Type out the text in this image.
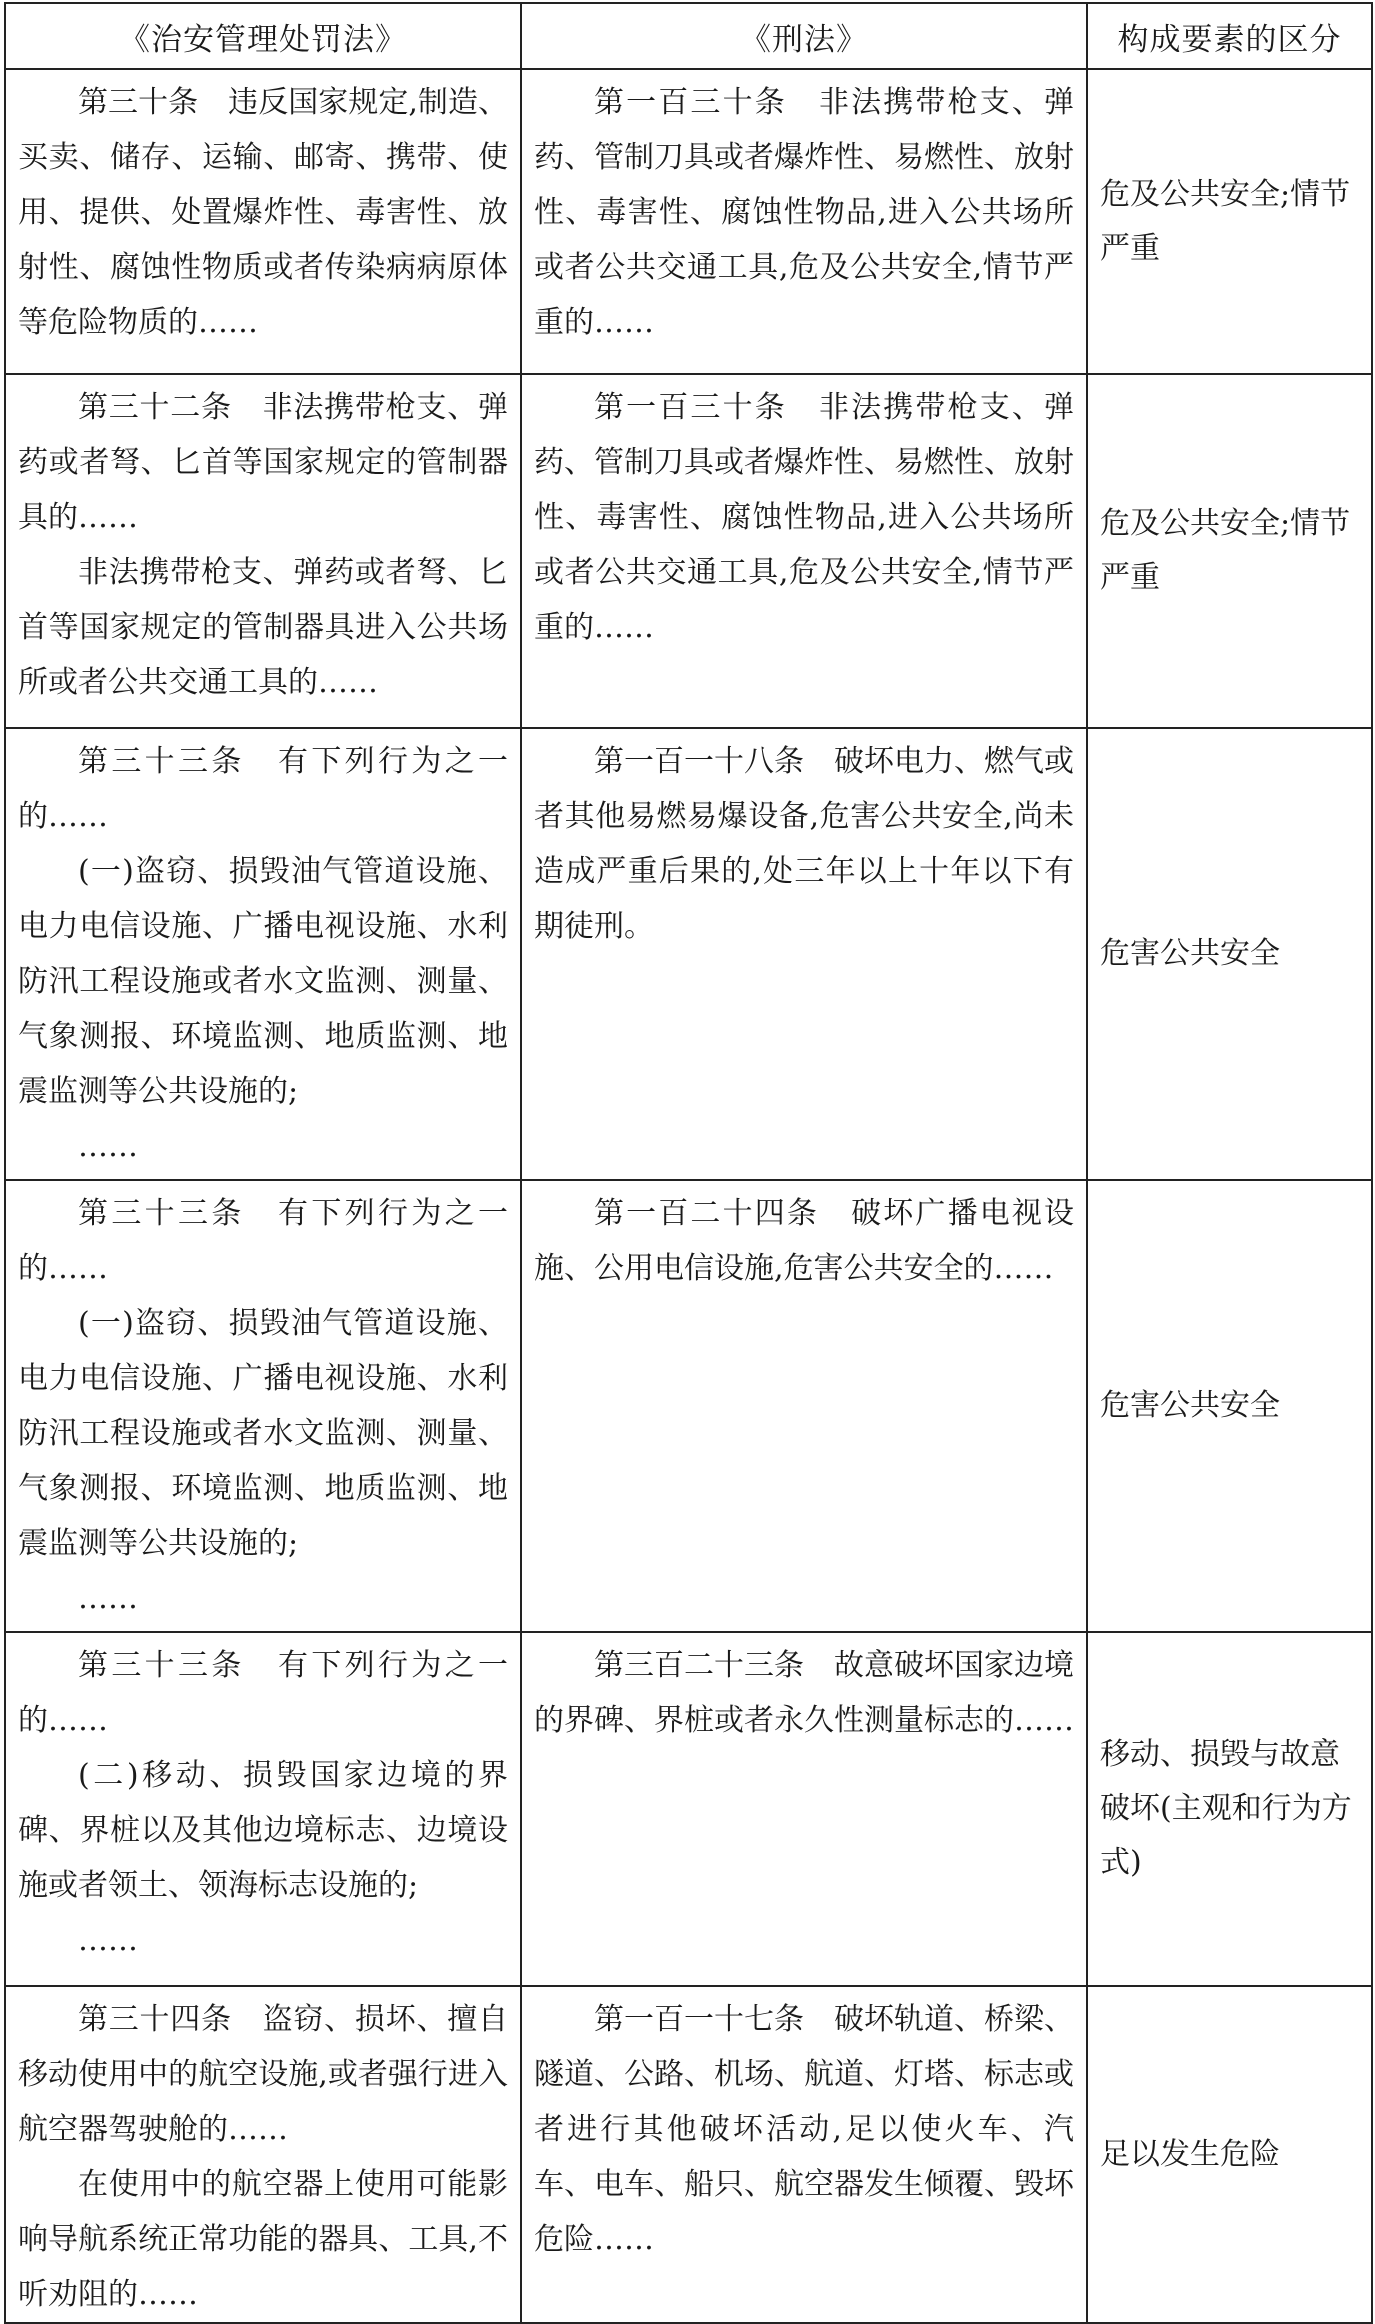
《治安管理处罚法》	《刑法》	构成要素的区分

第三十条　违反国家规定,制造、买卖、储存、运输、邮寄、携带、使用、提供、处置爆炸性、毒害性、放射性、腐蚀性物质或者传染病病原体等危险物质的……	第一百三十条　非法携带枪支、弹药、管制刀具或者爆炸性、易燃性、放射性、毒害性、腐蚀性物品,进入公共场所或者公共交通工具,危及公共安全,情节严重的……	危及公共安全;情节严重

第三十二条　非法携带枪支、弹药或者弩、匕首等国家规定的管制器具的……
非法携带枪支、弹药或者弩、匕首等国家规定的管制器具进入公共场所或者公共交通工具的……	第一百三十条　非法携带枪支、弹药、管制刀具或者爆炸性、易燃性、放射性、毒害性、腐蚀性物品,进入公共场所或者公共交通工具,危及公共安全,情节严重的……	危及公共安全;情节严重

第三十三条　有下列行为之一的……
(一)盗窃、损毁油气管道设施、电力电信设施、广播电视设施、水利防汛工程设施或者水文监测、测量、气象测报、环境监测、地质监测、地震监测等公共设施的;
……	第一百一十八条　破坏电力、燃气或者其他易燃易爆设备,危害公共安全,尚未造成严重后果的,处三年以上十年以下有期徒刑。	危害公共安全

第三十三条　有下列行为之一的……
(一)盗窃、损毁油气管道设施、电力电信设施、广播电视设施、水利防汛工程设施或者水文监测、测量、气象测报、环境监测、地质监测、地震监测等公共设施的;
……	第一百二十四条　破坏广播电视设施、公用电信设施,危害公共安全的……	危害公共安全

第三十三条　有下列行为之一的……
(二)移动、损毁国家边境的界碑、界桩以及其他边境标志、边境设施或者领土、领海标志设施的;
……	第三百二十三条　故意破坏国家边境的界碑、界桩或者永久性测量标志的……	移动、损毁与故意破坏(主观和行为方式)

第三十四条　盗窃、损坏、擅自移动使用中的航空设施,或者强行进入航空器驾驶舱的……
在使用中的航空器上使用可能影响导航系统正常功能的器具、工具,不听劝阻的……	第一百一十七条　破坏轨道、桥梁、隧道、公路、机场、航道、灯塔、标志或者进行其他破坏活动,足以使火车、汽车、电车、船只、航空器发生倾覆、毁坏危险……	足以发生危险
